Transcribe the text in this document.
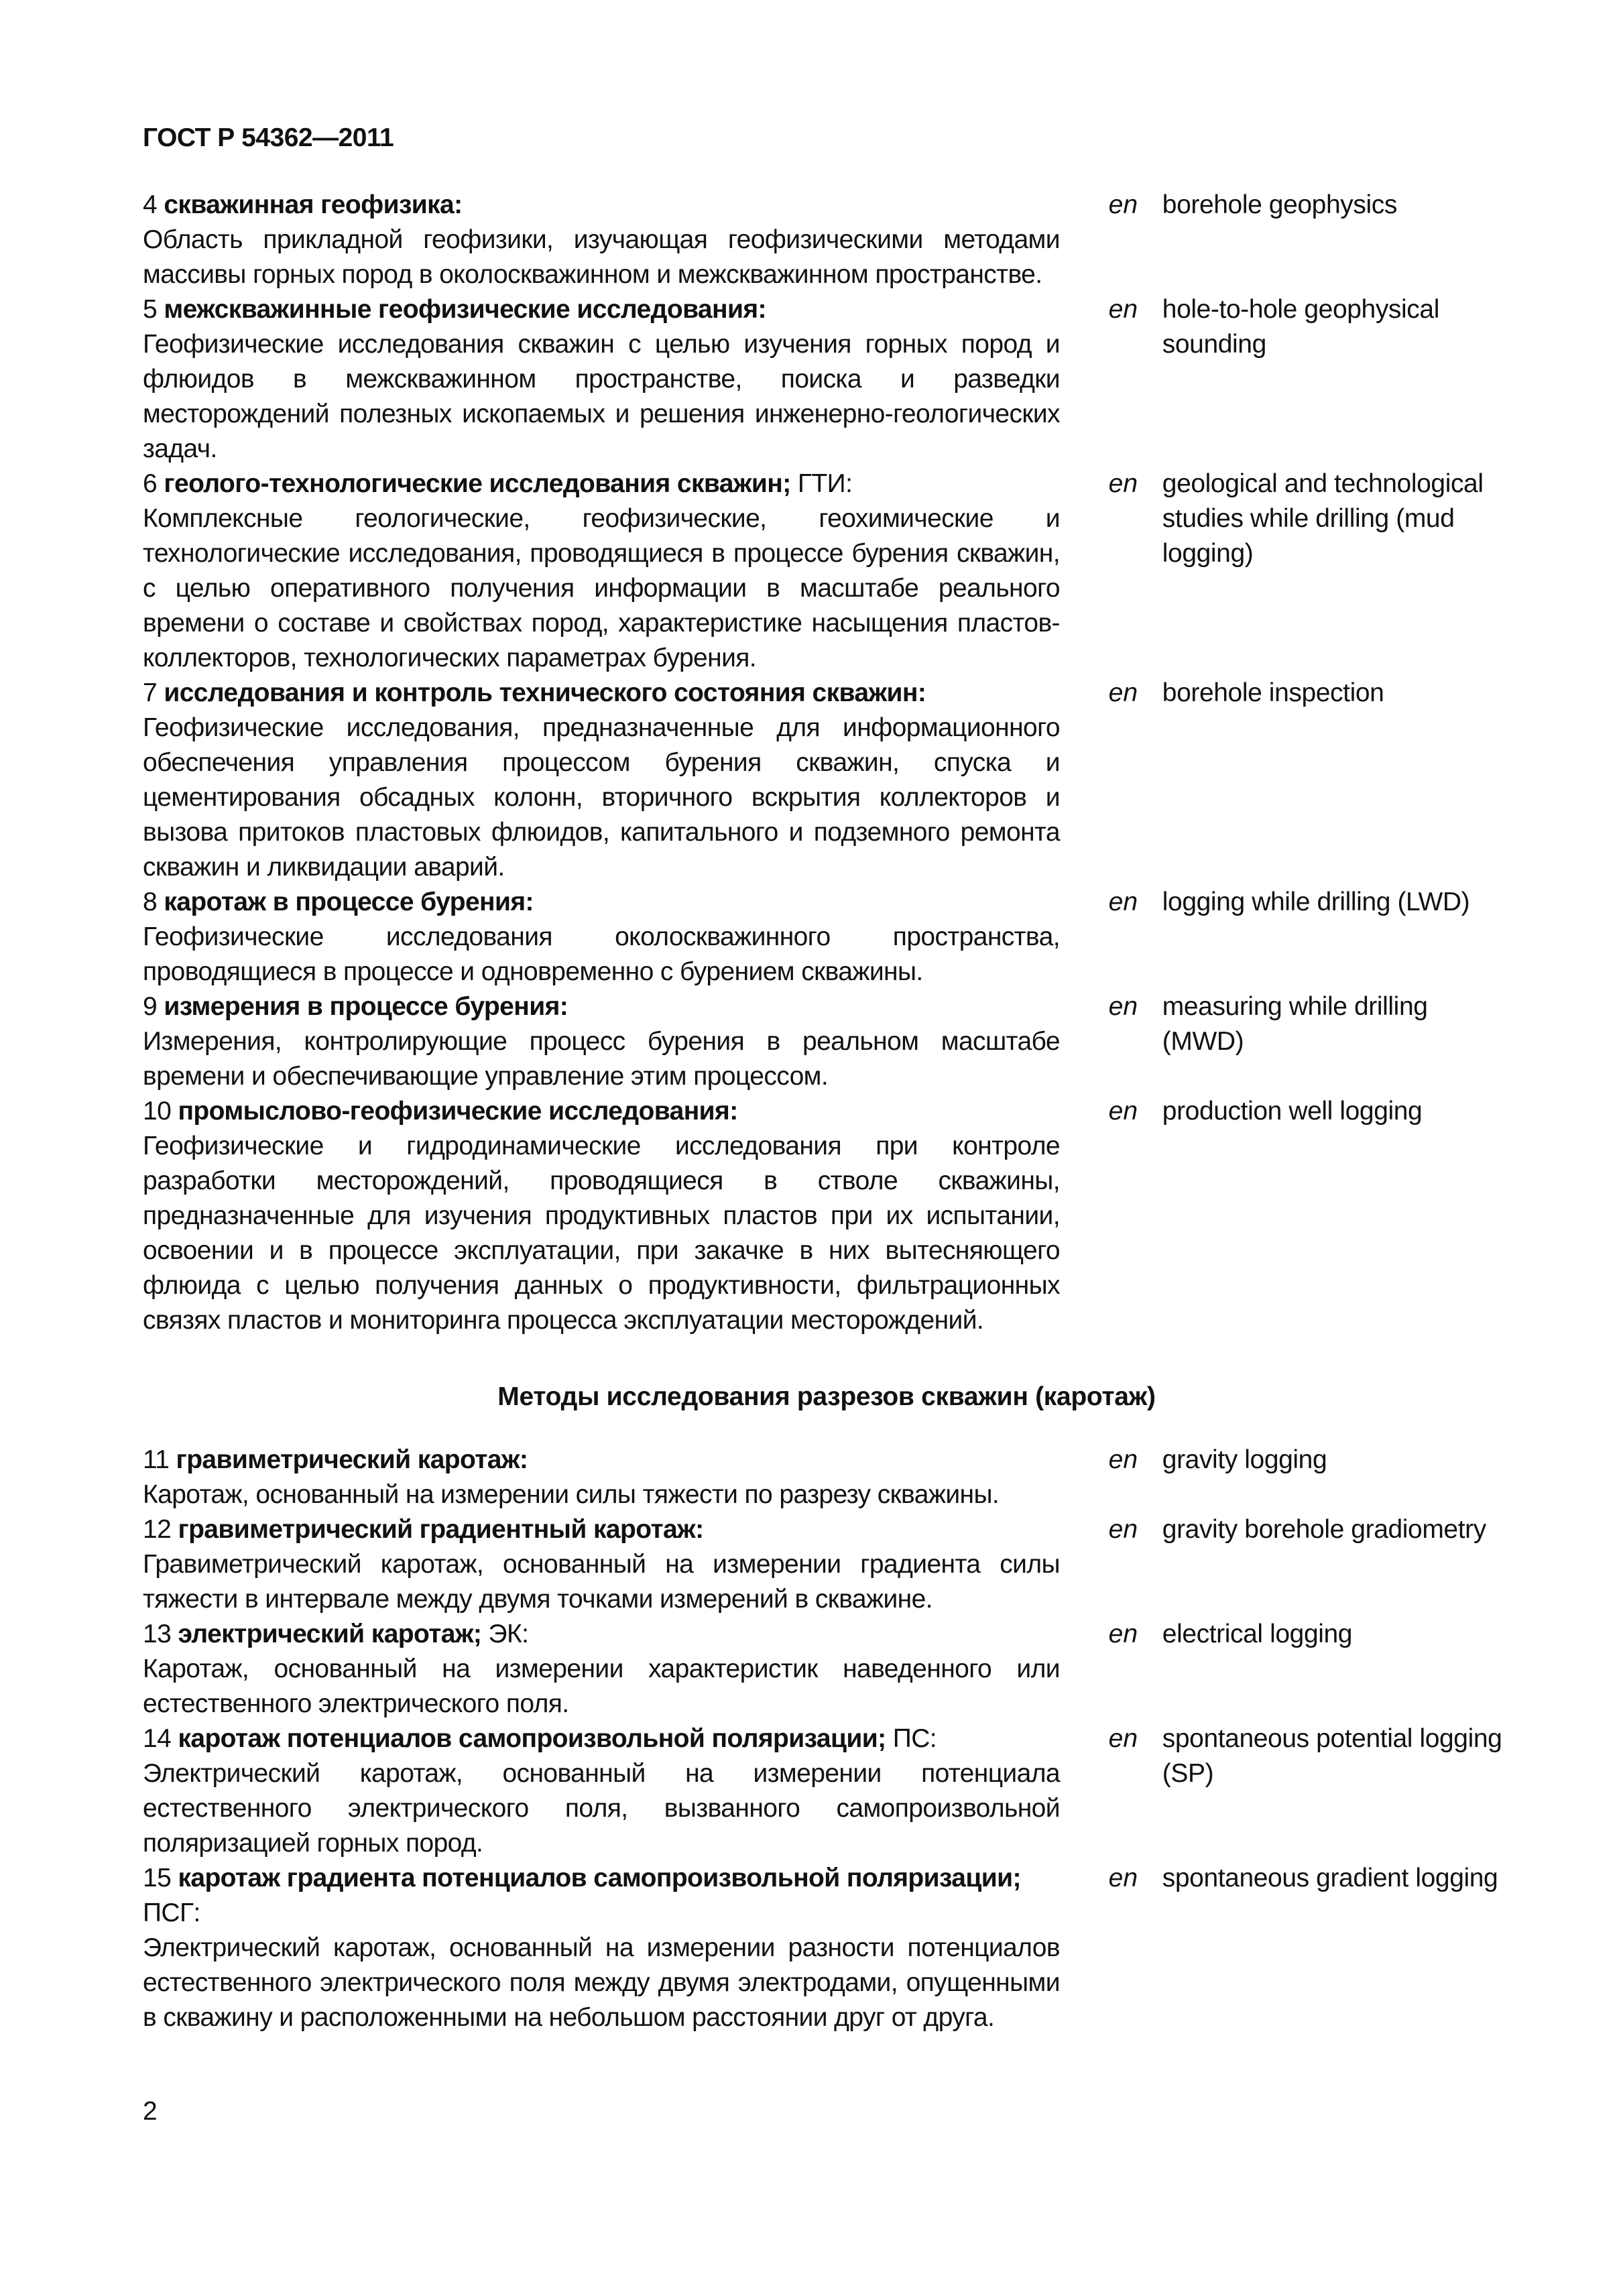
ГОСТ Р 54362—2011
4 скважинная геофизика:
Область прикладной геофизики, изучающая геофизическими методами массивы горных пород в околоскважинном и межскважинном пространстве.
en borehole geophysics
5 межскважинные геофизические исследования:
Геофизические исследования скважин с целью изучения горных пород и флюидов в межскважинном пространстве, поиска и разведки месторождений полезных ископаемых и решения инженерно-геологических задач.
en hole-to-hole geophysical sounding
6 геолого-технологические исследования скважин; ГТИ:
Комплексные геологические, геофизические, геохимические и технологические исследования, проводящиеся в процессе бурения скважин, с целью оперативного получения информации в масштабе реального времени о составе и свойствах пород, характеристике насыщения пластов-коллекторов, технологических параметрах бурения.
en geological and technological studies while drilling (mud logging)
7 исследования и контроль технического состояния скважин:
Геофизические исследования, предназначенные для информационного обеспечения управления процессом бурения скважин, спуска и цементирования обсадных колонн, вторичного вскрытия коллекторов и вызова притоков пластовых флюидов, капитального и подземного ремонта скважин и ликвидации аварий.
en borehole inspection
8 каротаж в процессе бурения:
Геофизические исследования околоскважинного пространства, проводящиеся в процессе и одновременно с бурением скважины.
en logging while drilling (LWD)
9 измерения в процессе бурения:
Измерения, контролирующие процесс бурения в реальном масштабе времени и обеспечивающие управление этим процессом.
en measuring while drilling (MWD)
10 промыслово-геофизические исследования:
Геофизические и гидродинамические исследования при контроле разработки месторождений, проводящиеся в стволе скважины, предназначенные для изучения продуктивных пластов при их испытании, освоении и в процессе эксплуатации, при закачке в них вытесняющего флюида с целью получения данных о продуктивности, фильтрационных связях пластов и мониторинга процесса эксплуатации месторождений.
en production well logging
Методы исследования разрезов скважин (каротаж)
11 гравиметрический каротаж:
Каротаж, основанный на измерении силы тяжести по разрезу скважины.
en gravity logging
12 гравиметрический градиентный каротаж:
Гравиметрический каротаж, основанный на измерении градиента силы тяжести в интервале между двумя точками измерений в скважине.
en gravity borehole gradiometry
13 электрический каротаж; ЭК:
Каротаж, основанный на измерении характеристик наведенного или естественного электрического поля.
en electrical logging
14 каротаж потенциалов самопроизвольной поляризации; ПС:
Электрический каротаж, основанный на измерении потенциала естественного электрического поля, вызванного самопроизвольной поляризацией горных пород.
en spontaneous potential logging (SP)
15 каротаж градиента потенциалов самопроизвольной поляризации; ПСГ:
Электрический каротаж, основанный на измерении разности потенциалов естественного электрического поля между двумя электродами, опущенными в скважину и расположенными на небольшом расстоянии друг от друга.
en spontaneous gradient logging
2
